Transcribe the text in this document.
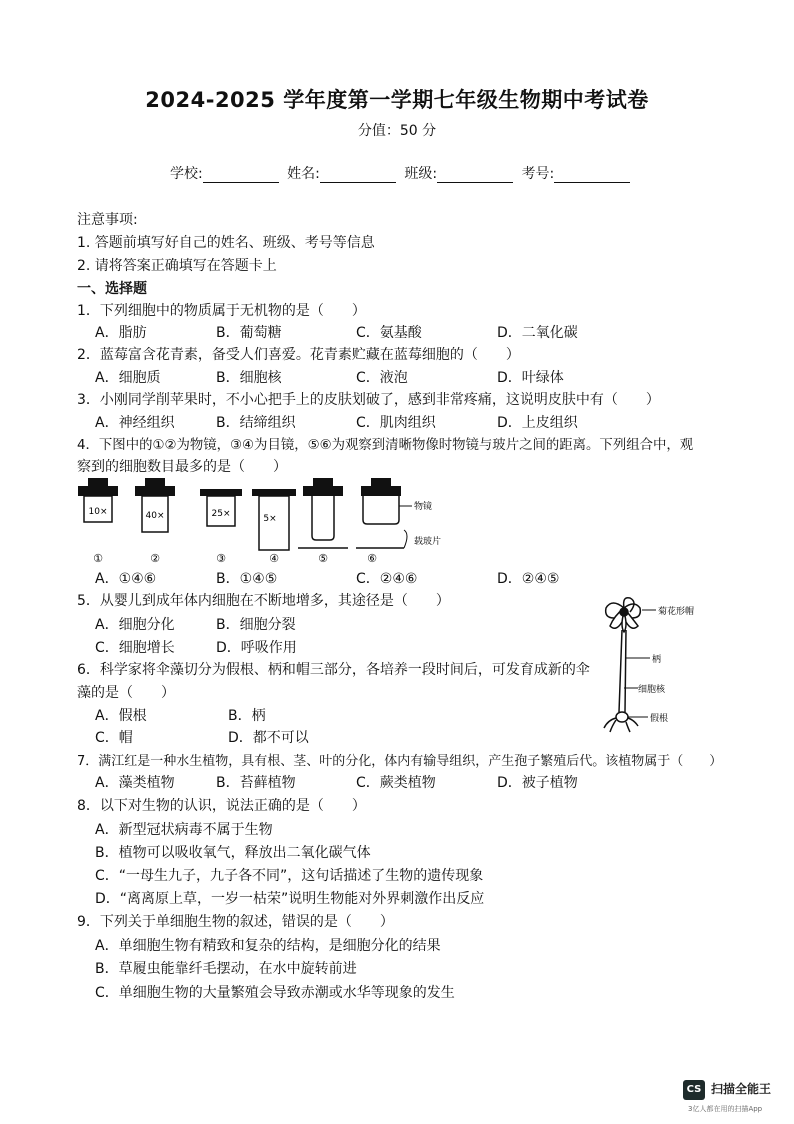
2024-2025 学年度第一学期七年级生物期中考试卷
分值：50 分
学校:	姓名:	班级:	考号:
注意事项:
1. 答题前填写好自己的姓名、班级、考号等信息
2. 请将答案正确填写在答题卡上
一、选择题
1．下列细胞中的物质属于无机物的是（　　）
A．脂肪	B．葡萄糖	C．氨基酸	D．二氧化碳
2．蓝莓富含花青素，备受人们喜爱。花青素贮藏在蓝莓细胞的（　　）
A．细胞质	B．细胞核	C．液泡	D．叶绿体
3．小刚同学削苹果时，不小心把手上的皮肤划破了，感到非常疼痛，这说明皮肤中有（　　）
A．神经组织	B．结缔组织	C．肌肉组织	D．上皮组织
4．下图中的①②为物镜，③④为目镜，⑤⑥为观察到清晰物像时物镜与玻片之间的距离。下列组合中，观
察到的细胞数目最多的是（　　）
10×	40×	25×	5×
物镜
载玻片
①	②	③	④	⑤	⑥
A．①④⑥	B．①④⑤	C．②④⑥	D．②④⑤
5．从婴儿到成年体内细胞在不断地增多，其途径是（　　）
A．细胞分化	B．细胞分裂
C．细胞增长	D．呼吸作用
6．科学家将伞藻切分为假根、柄和帽三部分，各培养一段时间后，可发育成新的伞
藻的是（　　）
A．假根	B．柄
C．帽	D．都不可以
菊花形帽
柄
细胞核
假根
7．满江红是一种水生植物，具有根、茎、叶的分化，体内有输导组织，产生孢子繁殖后代。该植物属于（　　）
A．藻类植物	B．苔藓植物	C．蕨类植物	D．被子植物
8．以下对生物的认识，说法正确的是（　　）
A．新型冠状病毒不属于生物
B．植物可以吸收氧气，释放出二氧化碳气体
C．“一母生九子，九子各不同”，这句话描述了生物的遗传现象
D．“离离原上草，一岁一枯荣”说明生物能对外界刺激作出反应
9．下列关于单细胞生物的叙述，错误的是（　　）
A．单细胞生物有精致和复杂的结构，是细胞分化的结果
B．草履虫能靠纤毛摆动，在水中旋转前进
C．单细胞生物的大量繁殖会导致赤潮或水华等现象的发生
CS 扫描全能王
3亿人都在用的扫描App
